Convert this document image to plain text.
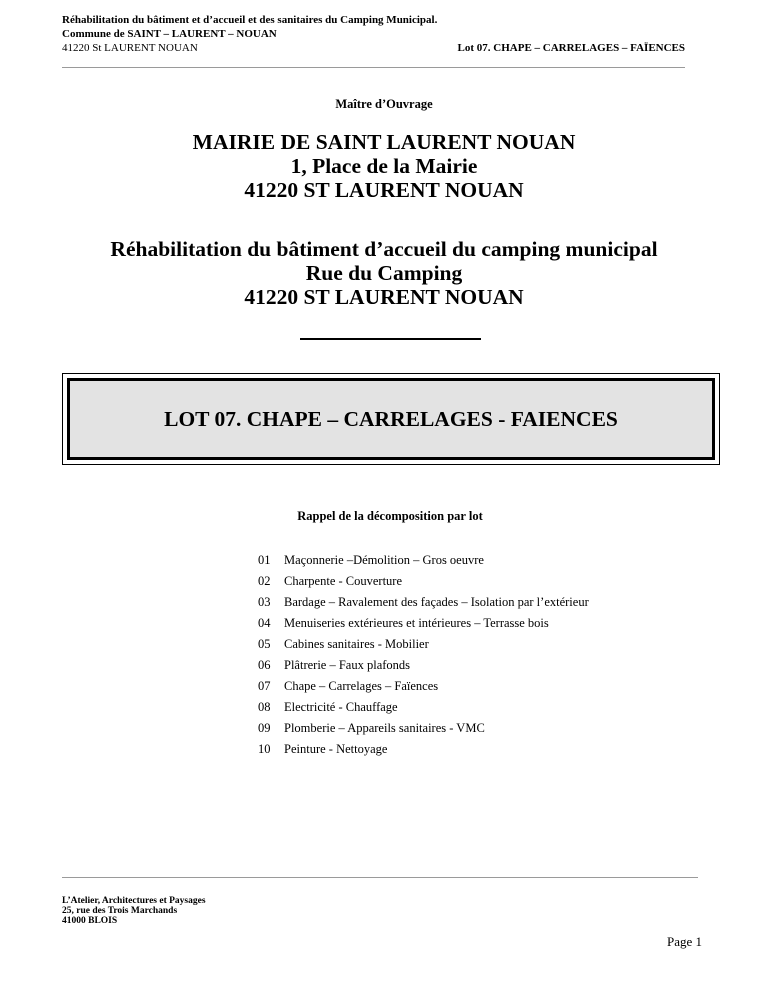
Réhabilitation du bâtiment et d’accueil et des sanitaires du Camping Municipal.
Commune de SAINT – LAURENT – NOUAN
41220 St LAURENT NOUAN	Lot 07. CHAPE – CARRELAGES – FAÏENCES
Maître d’Ouvrage
MAIRIE DE SAINT LAURENT NOUAN
1, Place de la Mairie
41220 ST LAURENT NOUAN
Réhabilitation du bâtiment d’accueil du camping municipal
Rue du Camping
41220 ST LAURENT NOUAN
LOT 07. CHAPE – CARRELAGES - FAIENCES
Rappel de la décomposition par lot
01	Maçonnerie –Démolition – Gros oeuvre
02	Charpente - Couverture
03	Bardage – Ravalement des façades – Isolation par l’extérieur
04	Menuiseries extérieures et intérieures – Terrasse bois
05	Cabines sanitaires - Mobilier
06	Plâtrerie – Faux plafonds
07	Chape – Carrelages – Faïences
08	Electricité - Chauffage
09	Plomberie – Appareils sanitaires - VMC
10	Peinture - Nettoyage
L’Atelier, Architectures et Paysages
25, rue des Trois Marchands
41000 BLOIS
Page 1
